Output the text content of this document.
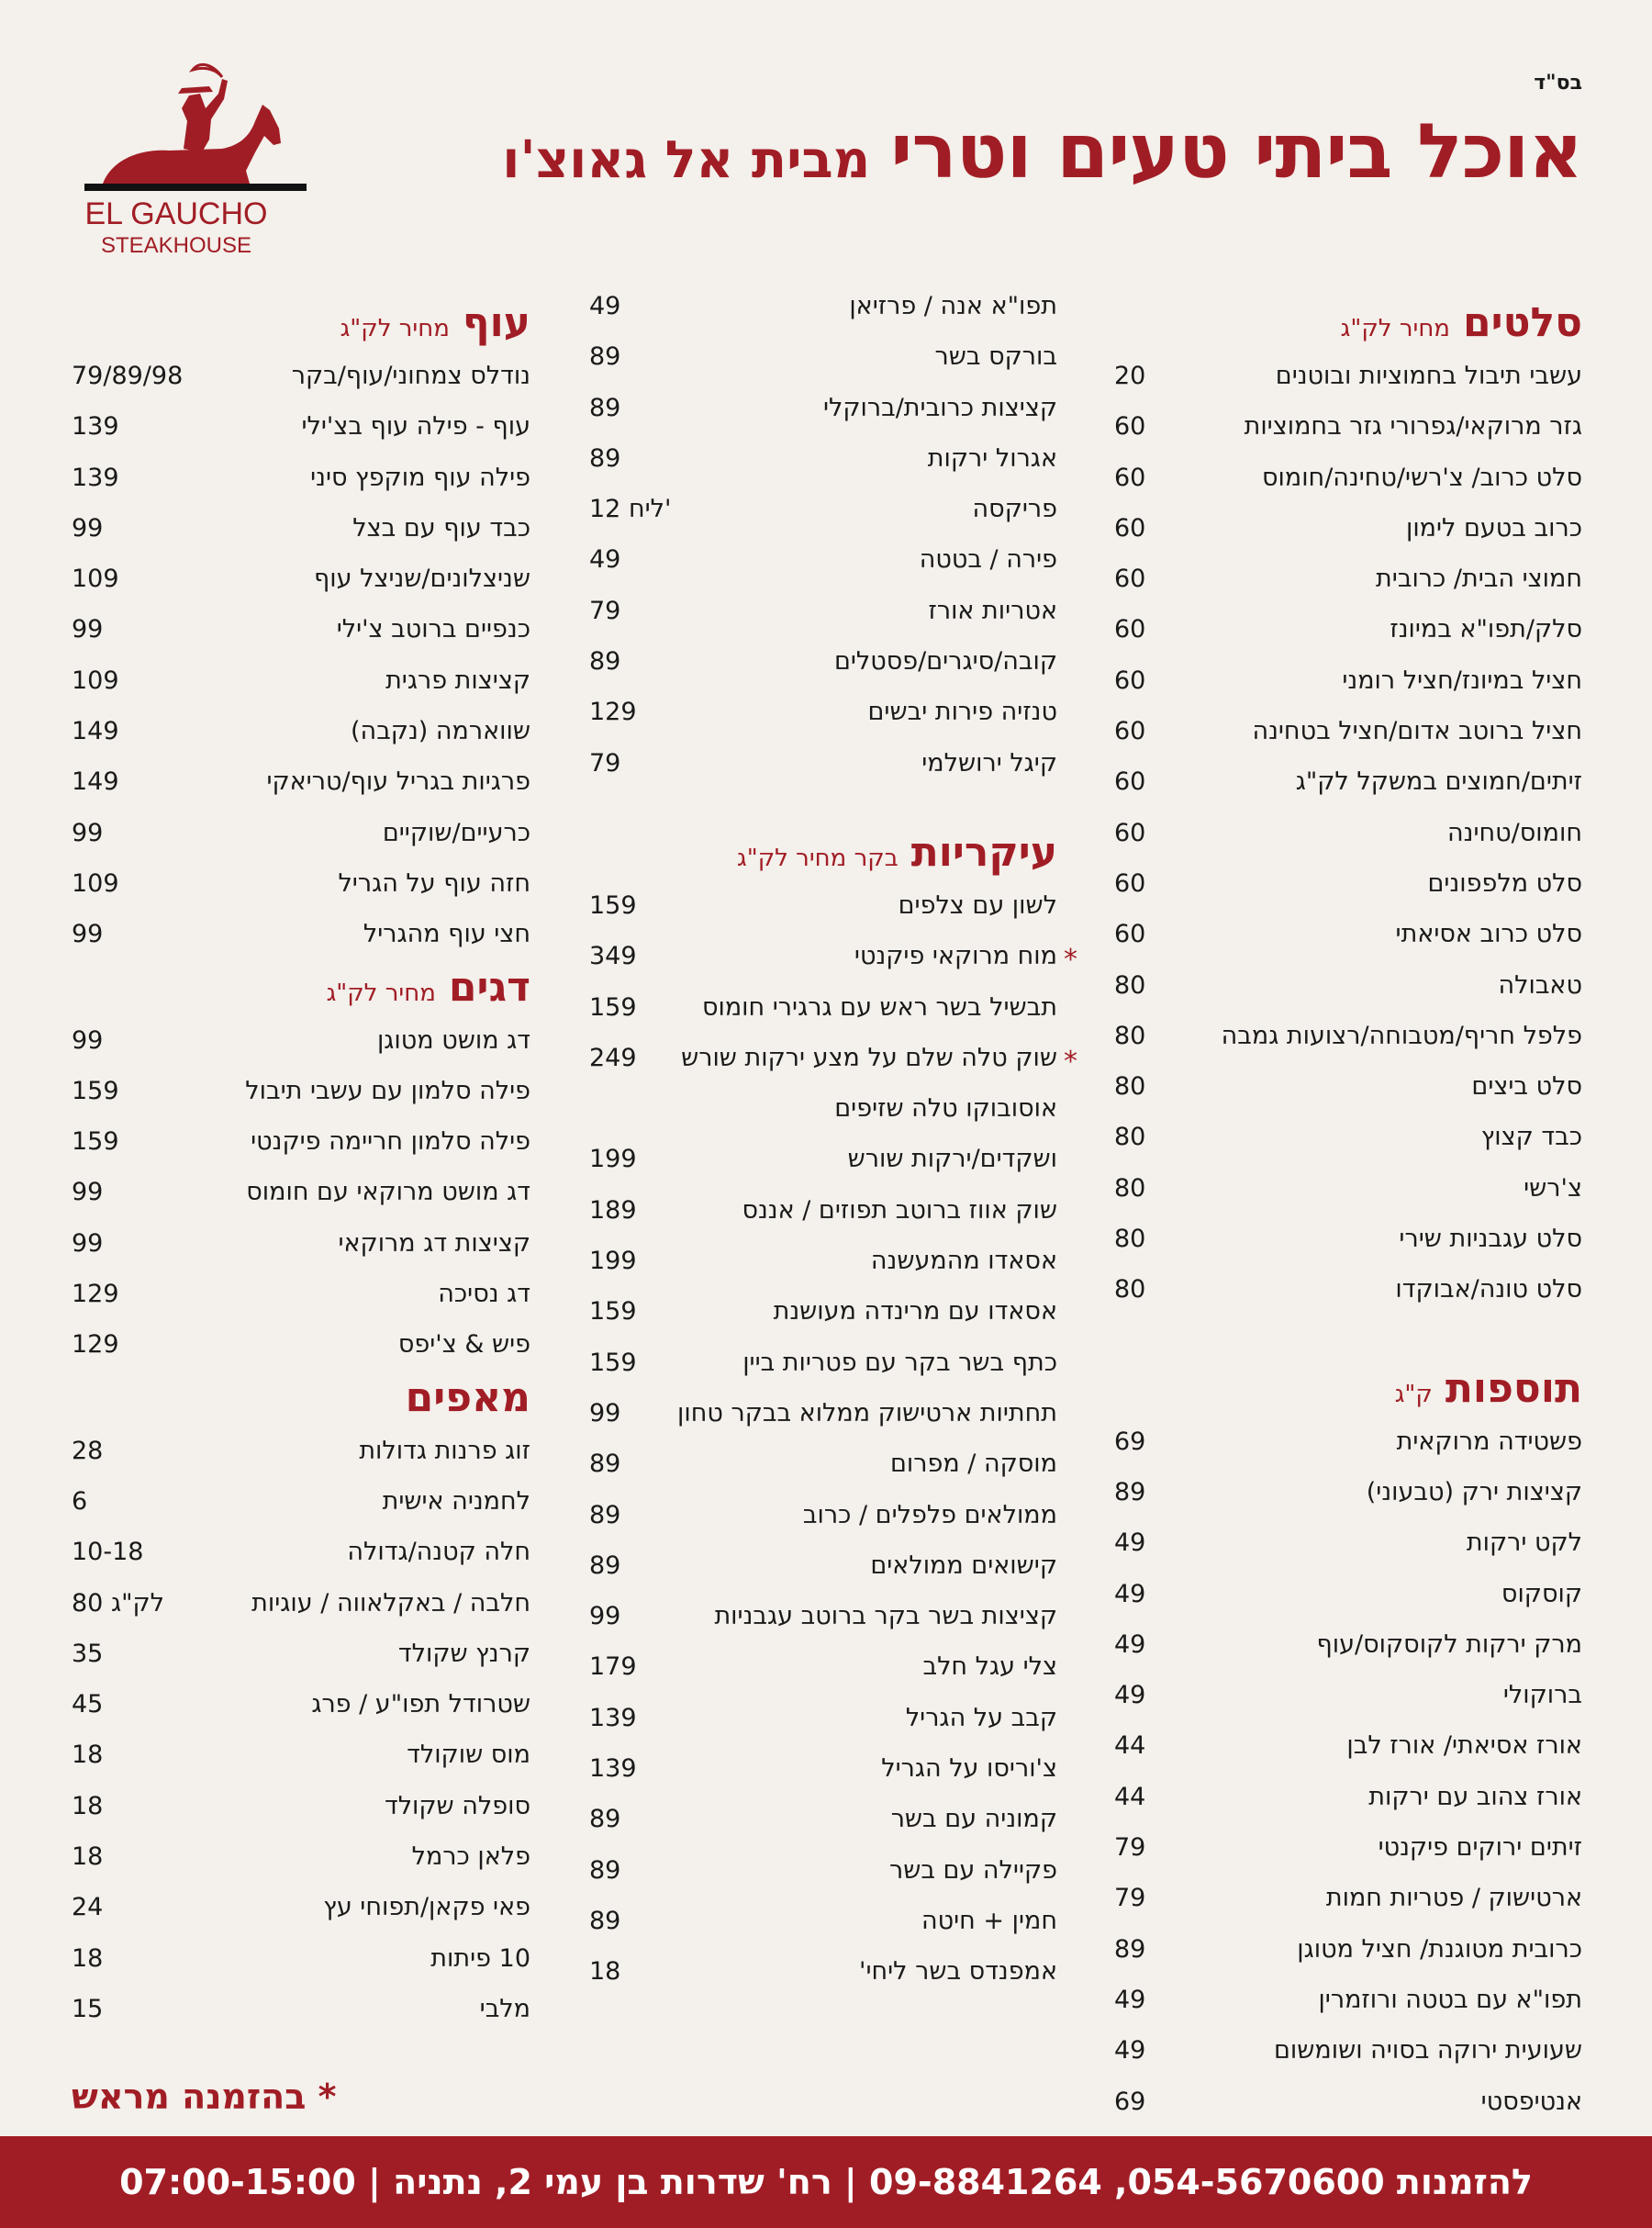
בס"ד
אוכל ביתי טעים וטרימבית אל גאוצ'ו
EL GAUCHO
STEAKHOUSE
סלטיםמחיר לק"ג
עשבי תיבול בחמוציות ובוטנים
20
גזר מרוקאי/גפרורי גזר בחמוציות
60
סלט כרוב/ צ'רשי/טחינה/חומוס
60
כרוב בטעם לימון
60
חמוצי הבית/ כרובית
60
סלק/תפו"א במיונז
60
חציל במיונז/חציל רומני
60
חציל ברוטב אדום/חציל בטחינה
60
זיתים/חמוצים במשקל לק"ג
60
חומוס/טחינה
60
סלט מלפפונים
60
סלט כרוב אסיאתי
60
טאבולה
80
פלפל חריף/מטבוחה/רצועות גמבה
80
סלט ביצים
80
כבד קצוץ
80
צ'רשי
80
סלט עגבניות שירי
80
סלט טונה/אבוקדו
80
תוספותק"ג
פשטידה מרוקאית
69
קציצות ירק (טבעוני)
89
לקט ירקות
49
קוסקוס
49
מרק ירקות לקוסקוס/עוף
49
ברוקולי
49
אורז אסיאתי/ אורז לבן
44
אורז צהוב עם ירקות
44
זיתים ירוקים פיקנטי
79
ארטישוק / פטריות חמות
79
כרובית מטוגנת/ חציל מטוגן
89
תפו"א עם בטטה ורוזמרין
49
שעועית ירוקה בסויה ושומשום
49
אנטיפסטי
69
תפו"א אנה / פרזיאן
49
בורקס בשר
89
קציצות כרובית/ברוקלי
89
אגרול ירקות
89
פריקסה
12 ליח'
פירה / בטטה
49
אטריות אורז
79
קובה/סיגרים/פסטלים
89
טנזיה פירות יבשים
129
קיגל ירושלמי
79
עיקריותבקר מחיר לק"ג
לשון עם צלפים
159
מוח מרוקאי פיקנטי *
349
תבשיל בשר ראש עם גרגירי חומוס
159
שוק טלה שלם על מצע ירקות שורש *
249
אוסובוקו טלה שזיפים
ושקדים/ירקות שורש
199
שוק אווז ברוטב תפוזים / אננס
189
אסאדו מהמעשנה
199
אסאדו עם מרינדה מעושנת
159
כתף בשר בקר עם פטריות ביין
159
תחתיות ארטישוק ממלוא בבקר טחון
99
מוסקה / מפרום
89
ממולאים פלפלים / כרוב
89
קישואים ממולאים
89
קציצות בשר בקר ברוטב עגבניות
99
צלי עגל חלב
179
קבב על הגריל
139
צ'וריסו על הגריל
139
קמוניה עם בשר
89
פקיילה עם בשר
89
חמין + חיטה
89
אמפנדס בשר ליחי'
18
עוףמחיר לק"ג
נודלס צמחוני/עוף/בקר
79/89/98
עוף - פילה עוף בצ'ילי
139
פילה עוף מוקפץ סיני
139
כבד עוף עם בצל
99
שניצלונים/שניצל עוף
109
כנפיים ברוטב צ'ילי
99
קציצות פרגית
109
שווארמה (נקבה)
149
פרגיות בגריל עוף/טריאקי
149
כרעיים/שוקיים
99
חזה עוף על הגריל
109
חצי עוף מהגריל
99
דגיםמחיר לק"ג
דג מושט מטוגן
99
פילה סלמון עם עשבי תיבול
159
פילה סלמון חריימה פיקנטי
159
דג מושט מרוקאי עם חומוס
99
קציצות דג מרוקאי
99
דג נסיכה
129
פיש & צ'יפס
129
מאפים
זוג פרנות גדולות
28
לחמניה אישית
6
חלה קטנה/גדולה
10-18
חלבה / באקלאווה / עוגיות
80 לק"ג
קרנץ שקולד
35
שטרודל תפו"ע / פרג
45
מוס שוקולד
18
סופלה שקולד
18
פלאן כרמל
18
פאי פקאן/תפוחי עץ
24
10 פיתות
18
מלבי
15
* בהזמנה מראש
להזמנות 054-5670600, 09-8841264 | רח' שדרות בן עמי 2, נתניה | 07:00-15:00
